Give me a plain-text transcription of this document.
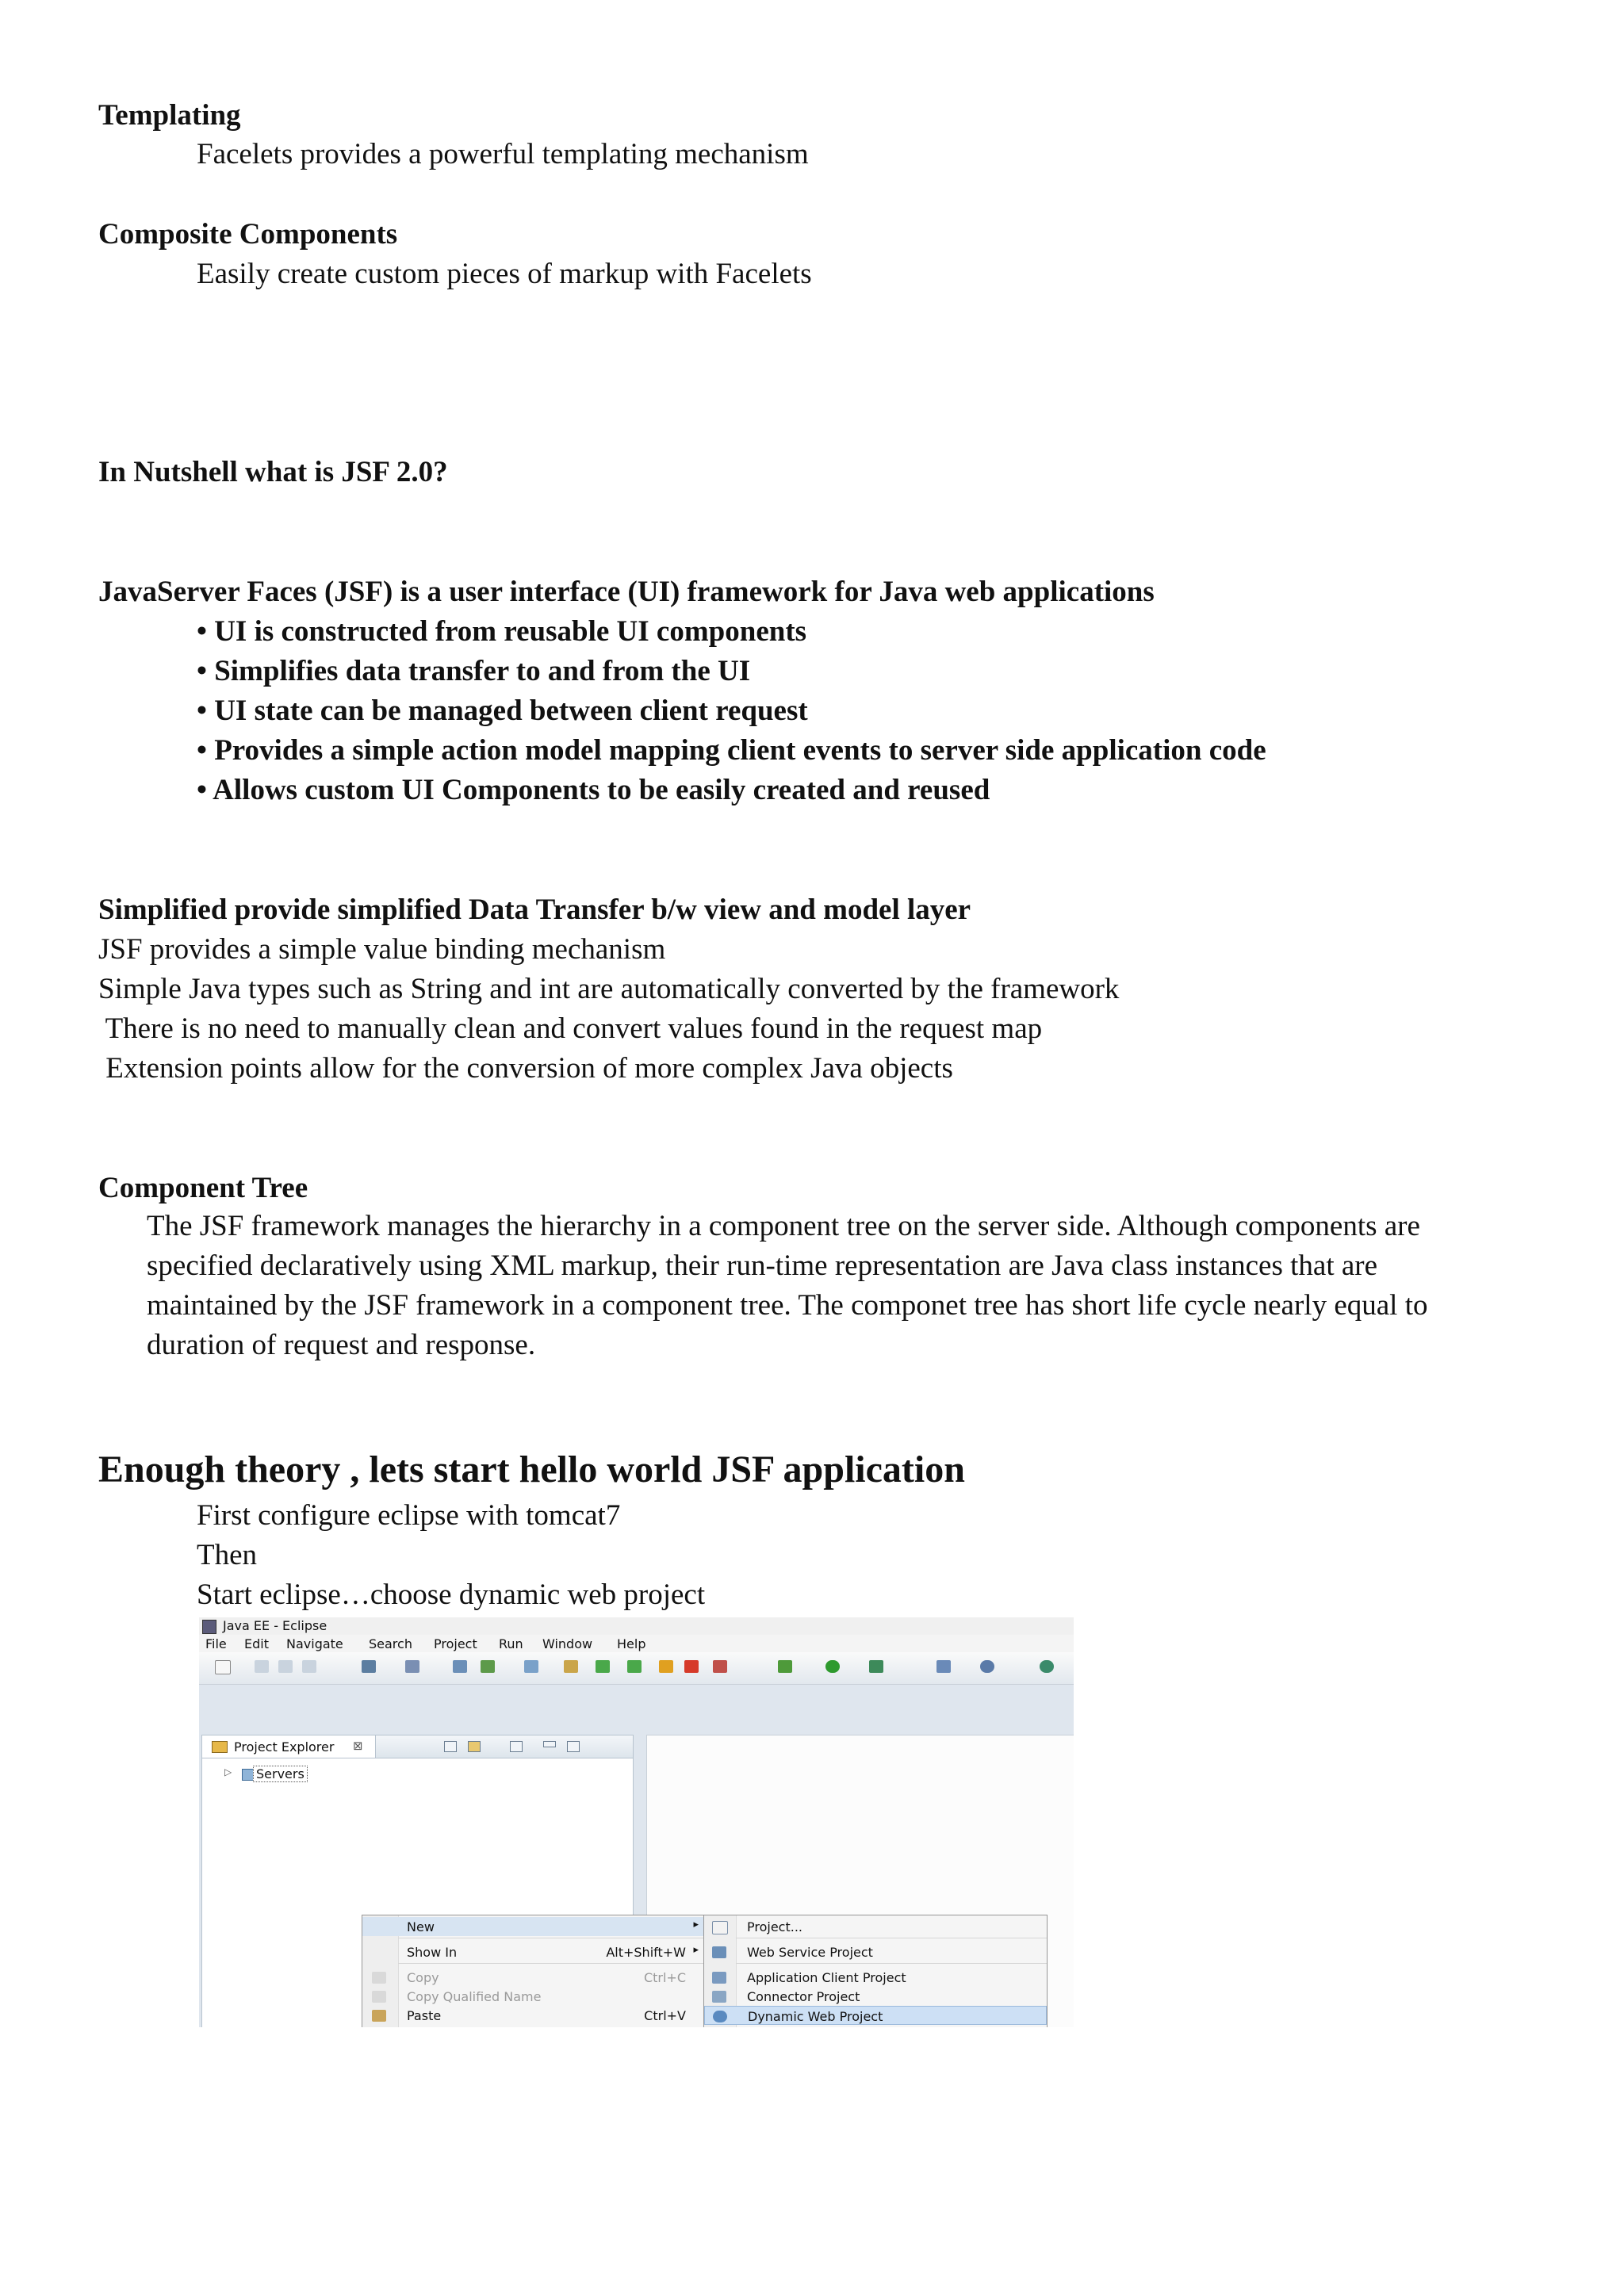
Templating
Facelets provides a powerful templating mechanism
Composite Components
Easily create custom pieces of markup with Facelets
In Nutshell what is JSF 2.0?
JavaServer Faces (JSF) is a user interface (UI) framework for Java web applications
• UI is constructed from reusable UI components
• Simplifies data transfer to and from the UI
• UI state can be managed between client request
• Provides a simple action model mapping client events to server side application code
• Allows custom UI Components to be easily created and reused
Simplified provide simplified Data Transfer b/w view and model layer
JSF provides a simple value binding mechanism
Simple Java types such as String and int are automatically converted by the framework
There is no need to manually clean and convert values found in the request map
Extension points allow for the conversion of more complex Java objects
Component Tree
The JSF framework manages the hierarchy in a component tree on the server side. Although components are specified declaratively using XML markup, their run-time representation are Java class instances that are maintained by the JSF framework in a component tree. The componet tree has short life cycle nearly equal to duration of request and response.
Enough theory , lets start hello world JSF application
First configure eclipse with tomcat7
Then
Start eclipse…choose dynamic web project
Java EE - Eclipse
File Edit Navigate Search Project Run Window Help
Project Explorer ⊠
▷ Servers
New	▸
Show In	Alt+Shift+W ▸
Copy	Ctrl+C
Copy Qualified Name
Paste	Ctrl+V
Project...
Web Service Project
Application Client Project
Connector Project
Dynamic Web Project
